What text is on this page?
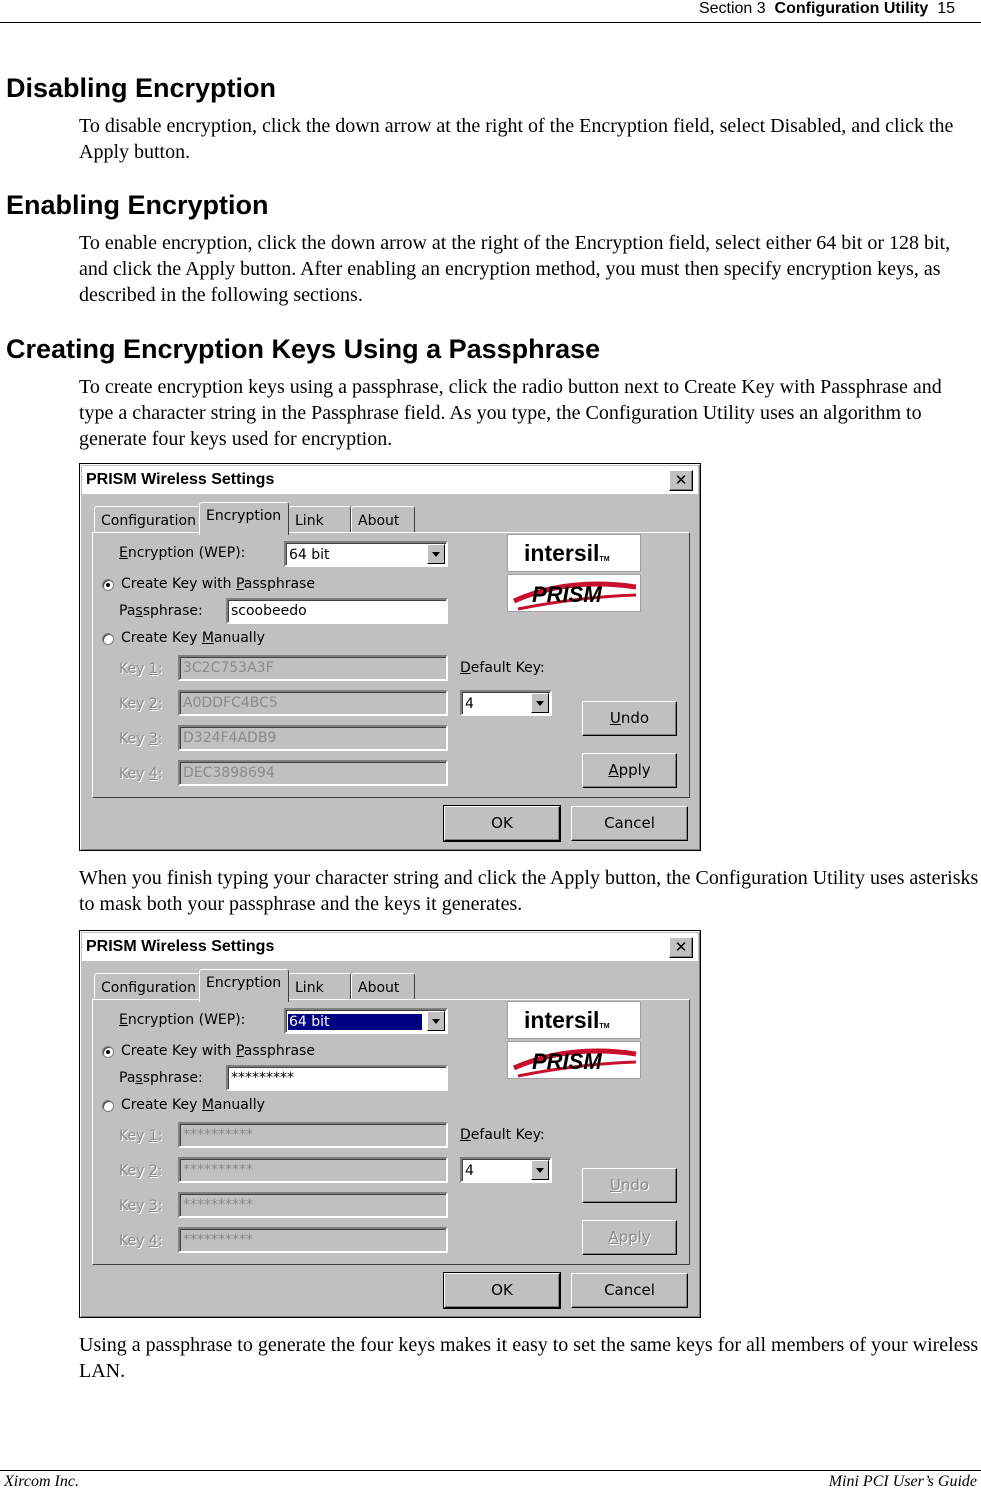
Section 3 Configuration Utility 15
Disabling Encryption
To disable encryption, click the down arrow at the right of the Encryption field, select Disabled, and click the Apply button.
Enabling Encryption
To enable encryption, click the down arrow at the right of the Encryption field, select either 64 bit or 128 bit, and click the Apply button. After enabling an encryption method, you must then specify encryption keys, as described in the following sections.
Creating Encryption Keys Using a Passphrase
To create encryption keys using a passphrase, click the radio button next to Create Key with Passphrase and type a character string in the Passphrase field. As you type, the Configuration Utility uses an algorithm to generate four keys used for encryption.
PRISM Wireless Settings	✕
Configuration Encryption Link	About
Encryption (WEP):	64 bit
Create Key with Passphrase
Passphrase:	scoobeedo
Create Key Manually
Key 1:	3C2C753A3F
Key 2:	A0DDFC4BC5
Key 3:	D324F4ADB9
Key 4:	DEC3898694
Default Key:
4
Undo
Apply
OK	Cancel
intersilTM
PRISM
When you finish typing your character string and click the Apply button, the Configuration Utility uses asterisks to mask both your passphrase and the keys it generates.
PRISM Wireless Settings	✕
Configuration Encryption Link	About
Encryption (WEP):	64 bit
Create Key with Passphrase
Passphrase:	*********
Create Key Manually
Key 1:	**********
Key 2:	**********
Key 3:	**********
Key 4:	**********
Default Key:
4
Undo
Apply
OK	Cancel
intersilTM
PRISM
Using a passphrase to generate the four keys makes it easy to set the same keys for all members of your wireless LAN.
Xircom Inc.	Mini PCI User’s Guide
